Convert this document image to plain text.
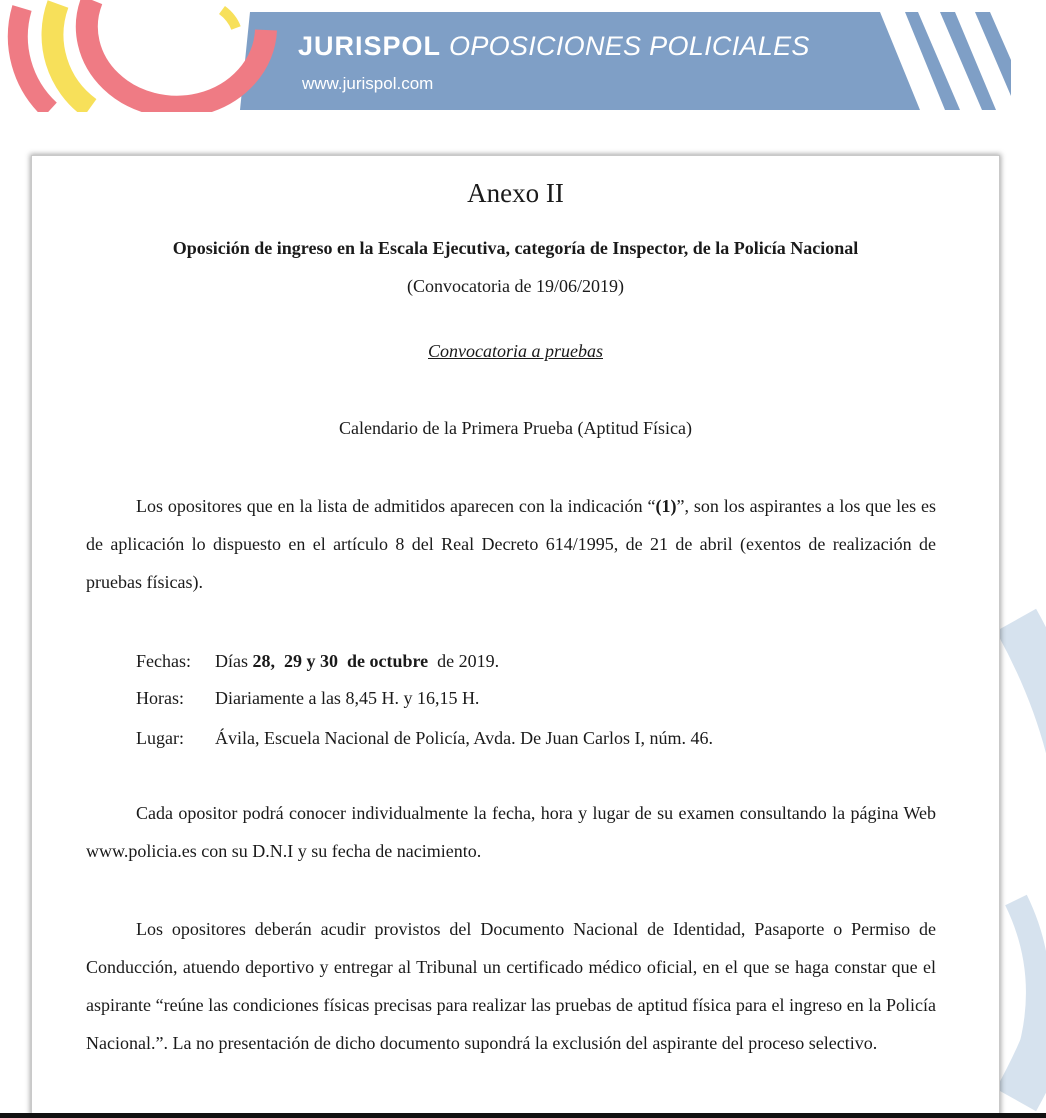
JURISPOL OPOSICIONES POLICIALES
www.jurispol.com
Anexo II
Oposición de ingreso en la Escala Ejecutiva, categoría de Inspector, de la Policía Nacional
(Convocatoria de 19/06/2019)
Convocatoria a pruebas
Calendario de la Primera Prueba (Aptitud Física)

Los opositores que en la lista de admitidos aparecen con la indicación “(1)”, son los aspirantes a los que les es de aplicación lo dispuesto en el artículo 8 del Real Decreto 614/1995, de 21 de abril (exentos de realización de pruebas físicas).

Fechas: Días 28,  29 y 30  de octubre  de 2019.
Horas: Diariamente a las 8,45 H. y 16,15 H.
Lugar: Ávila, Escuela Nacional de Policía, Avda. De Juan Carlos I, núm. 46.

Cada opositor podrá conocer individualmente la fecha, hora y lugar de su examen consultando la página Web www.policia.es con su D.N.I y su fecha de nacimiento.

Los opositores deberán acudir provistos del Documento Nacional de Identidad, Pasaporte o Permiso de Conducción, atuendo deportivo y entregar al Tribunal un certificado médico oficial, en el que se haga constar que el aspirante “reúne las condiciones físicas precisas para realizar las pruebas de aptitud física para el ingreso en la Policía Nacional.”. La no presentación de dicho documento supondrá la exclusión del aspirante del proceso selectivo.
